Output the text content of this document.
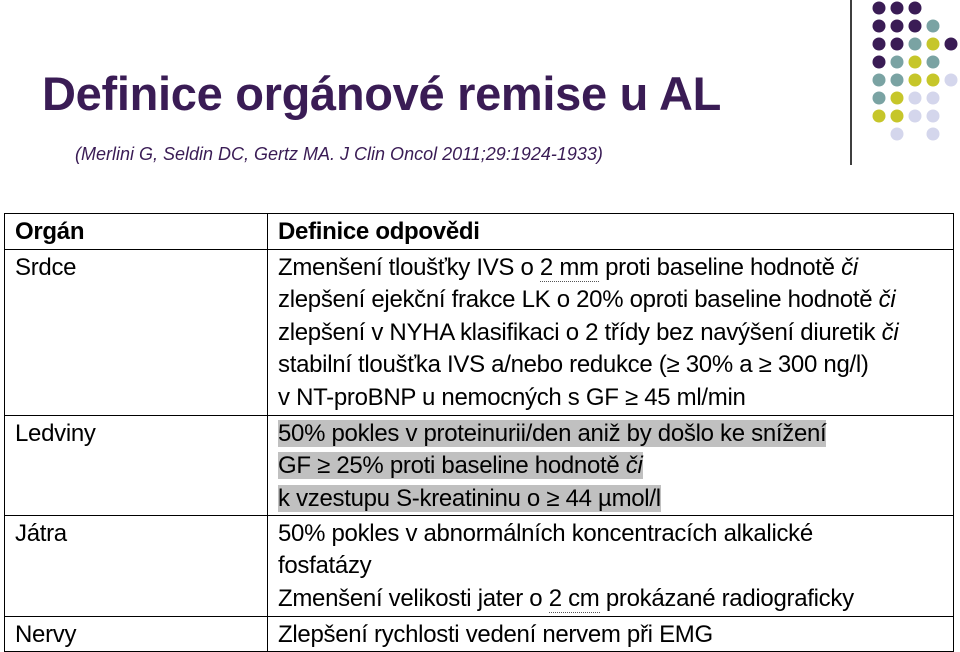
Definice orgánové remise u AL
(Merlini G, Seldin DC, Gertz MA. J Clin Oncol 2011;29:1924-1933)
Orgán	Definice odpovědi

Srdce	Zmenšení tloušťky IVS o 2 mm proti baseline hodnotě či
zlepšení ejekční frakce LK o 20% oproti baseline hodnotě či
zlepšení v NYHA klasifikaci o 2 třídy bez navýšení diuretik či
stabilní tloušťka IVS a/nebo redukce (≥ 30% a ≥ 300 ng/l)
v NT-proBNP u nemocných s GF ≥ 45 ml/min

Ledviny	50% pokles v proteinurii/den aniž by došlo ke snížení
GF ≥ 25% proti baseline hodnotě či
k vzestupu S-kreatininu o ≥ 44 µmol/l

Játra	50% pokles v abnormálních koncentracích alkalické
fosfatázy
Zmenšení velikosti jater o 2 cm prokázané radiograficky

Nervy	Zlepšení rychlosti vedení nervem při EMG
